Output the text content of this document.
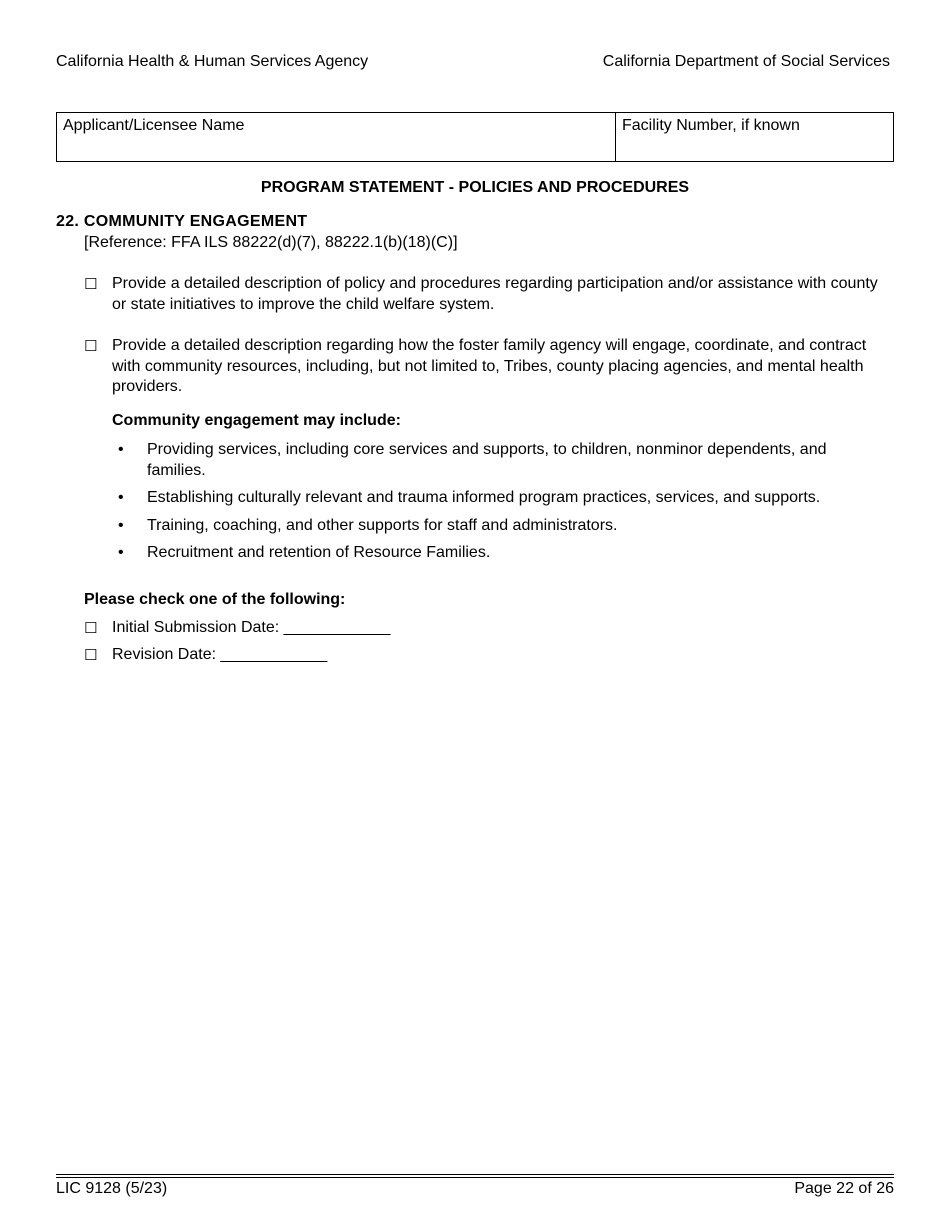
California Health & Human Services Agency	California Department of Social Services
Applicant/Licensee Name	Facility Number, if known
PROGRAM STATEMENT - POLICIES AND PROCEDURES
22. COMMUNITY ENGAGEMENT
[Reference: FFA ILS 88222(d)(7), 88222.1(b)(18)(C)]
☐ Provide a detailed description of policy and procedures regarding participation and/or assistance with county or state initiatives to improve the child welfare system.
☐ Provide a detailed description regarding how the foster family agency will engage, coordinate, and contract with community resources, including, but not limited to, Tribes, county placing agencies, and mental health providers.
Community engagement may include:
•	Providing services, including core services and supports, to children, nonminor dependents, and families.
•	Establishing culturally relevant and trauma informed program practices, services, and supports.
•	Training, coaching, and other supports for staff and administrators.
•	Recruitment and retention of Resource Families.
Please check one of the following:
☐ Initial Submission Date: ____________
☐ Revision Date: ____________
LIC 9128 (5/23)	Page 22 of 26
